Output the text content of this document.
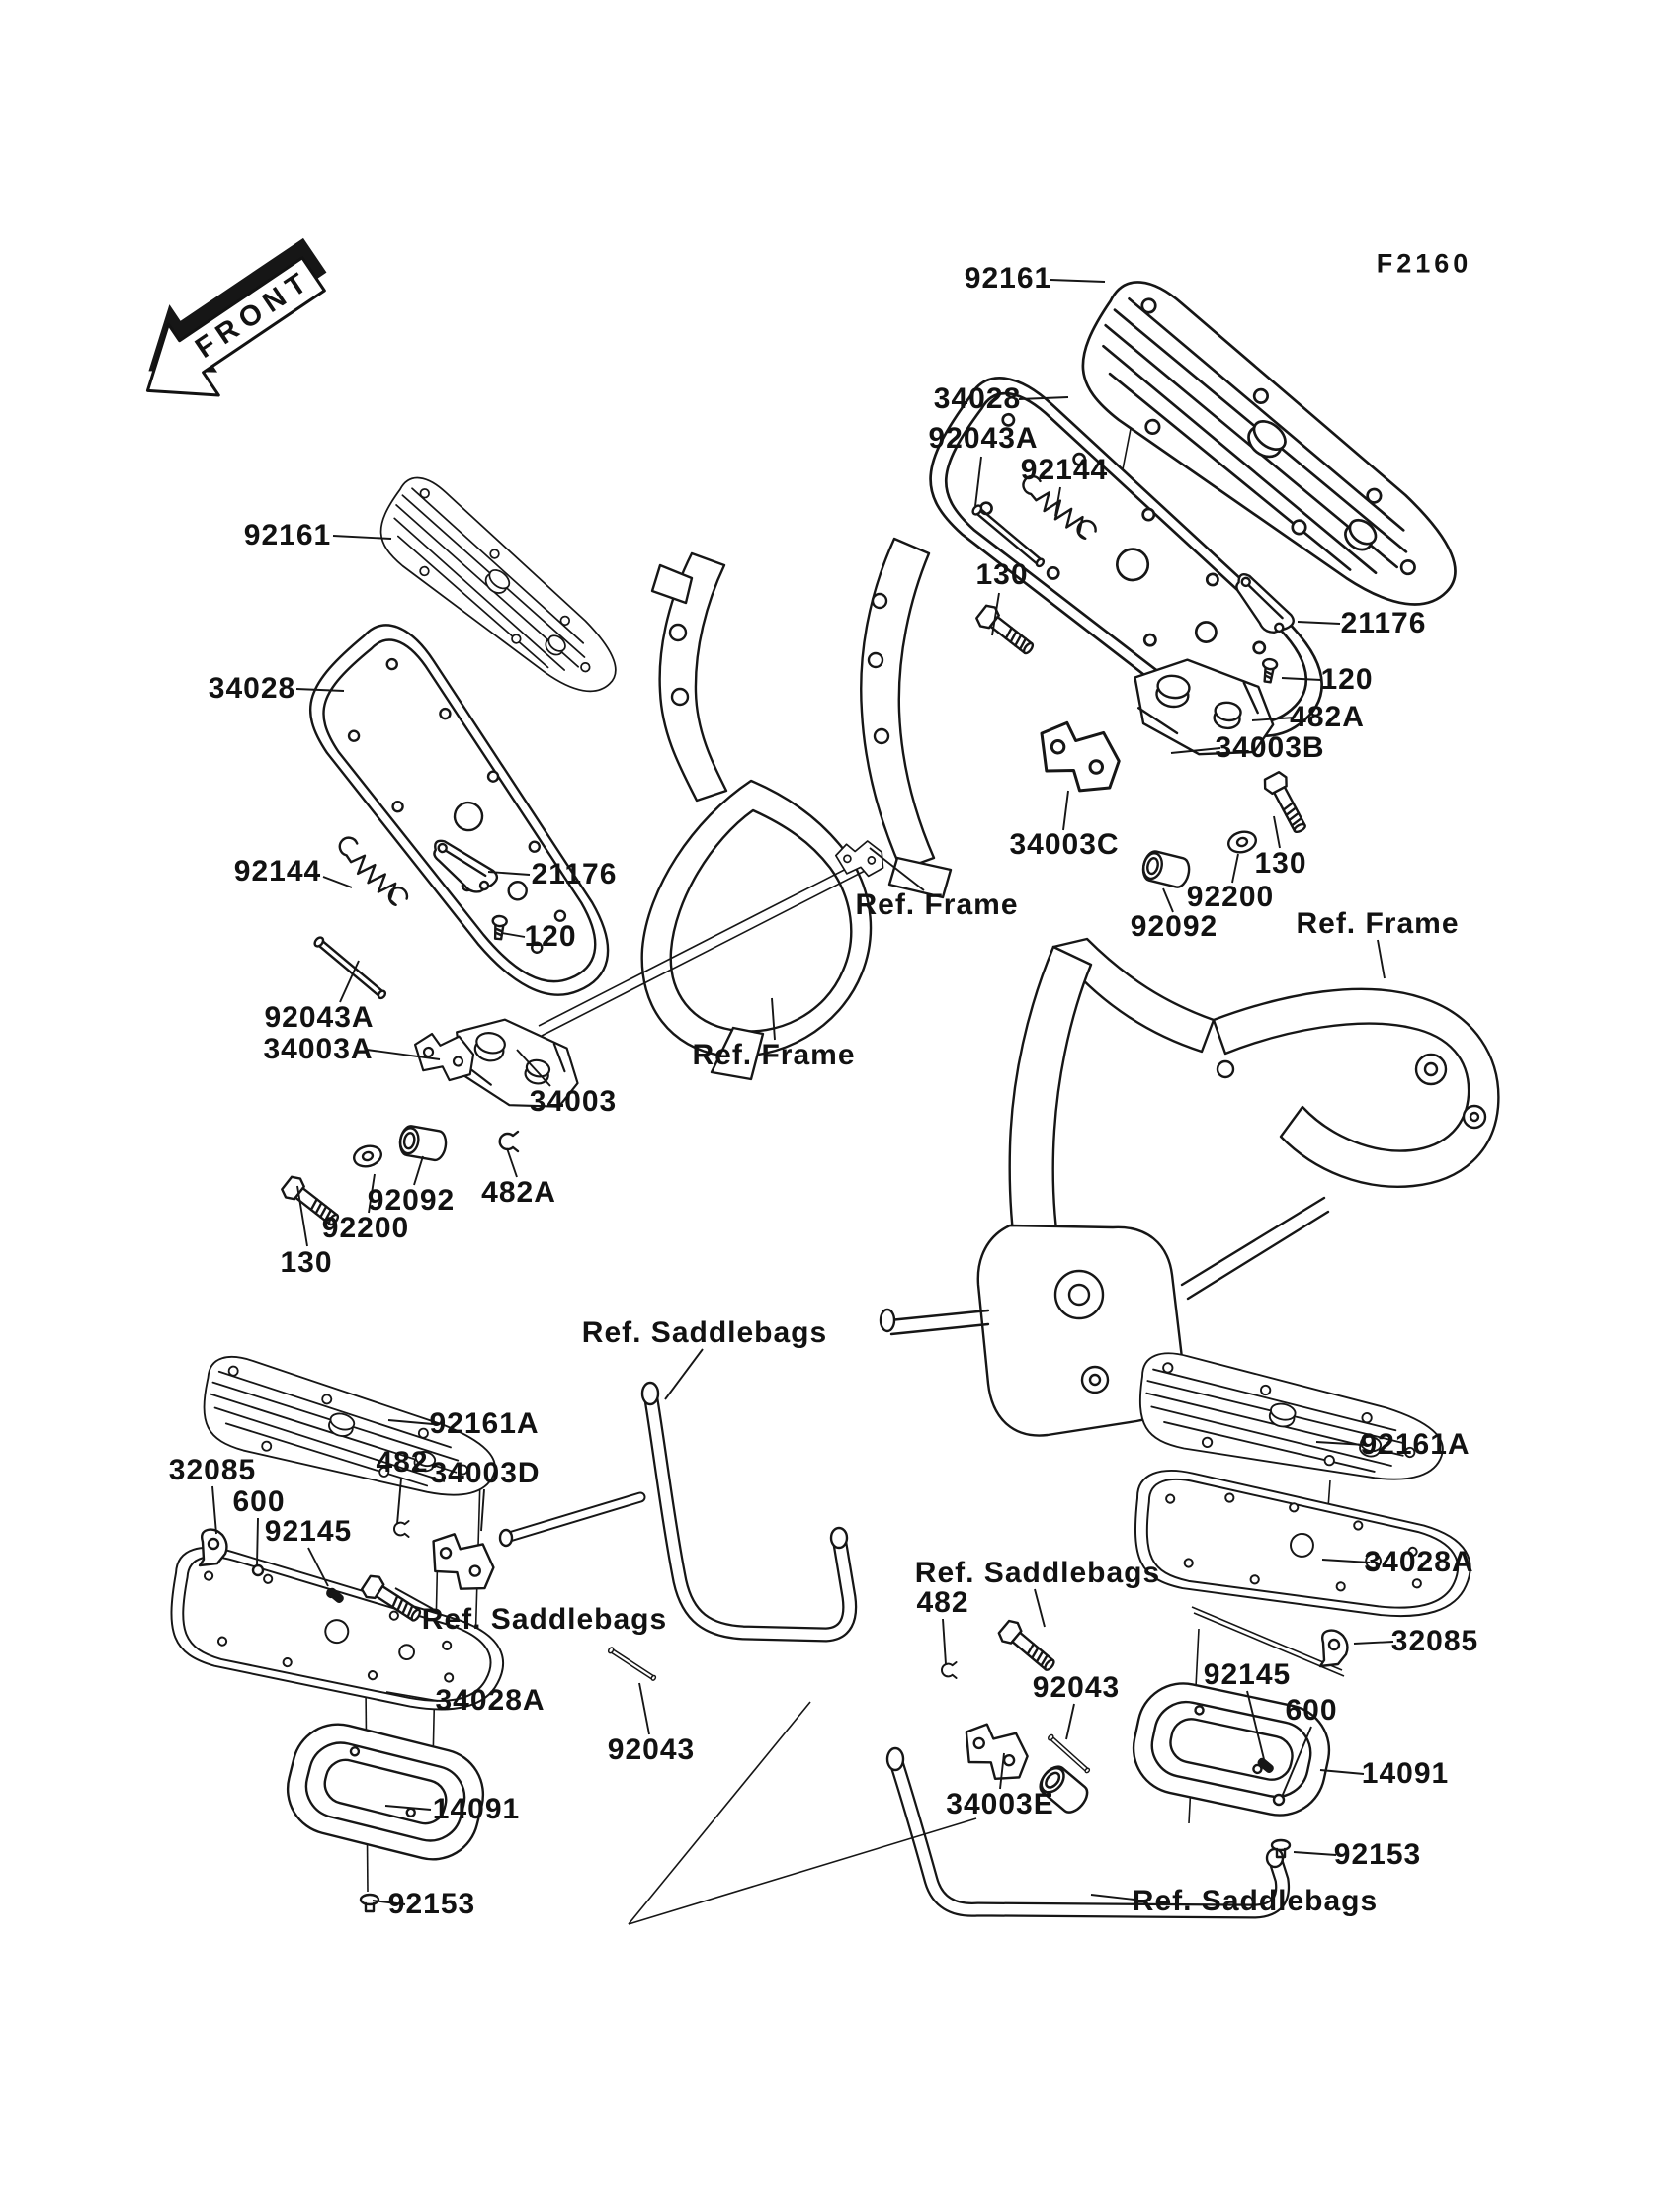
FRONT
F2160
92161
34028
92043A
92144
130
21176
120
482A
34003B
34003C
130
92200
92092
Ref. Frame
Ref. Frame
92161
34028
92144	21176
120
92043A
34003A
34003
482A
92092
92200
130
Ref. Frame
Ref. Saddlebags
92161A
482 34003D
32085
600
92145
Ref. Saddlebags
34028A
92043
14091
92153
Ref. Saddlebags
482
92043
92161A
34028A
32085
92145
600
34003E
14091
92153
Ref. Saddlebags
